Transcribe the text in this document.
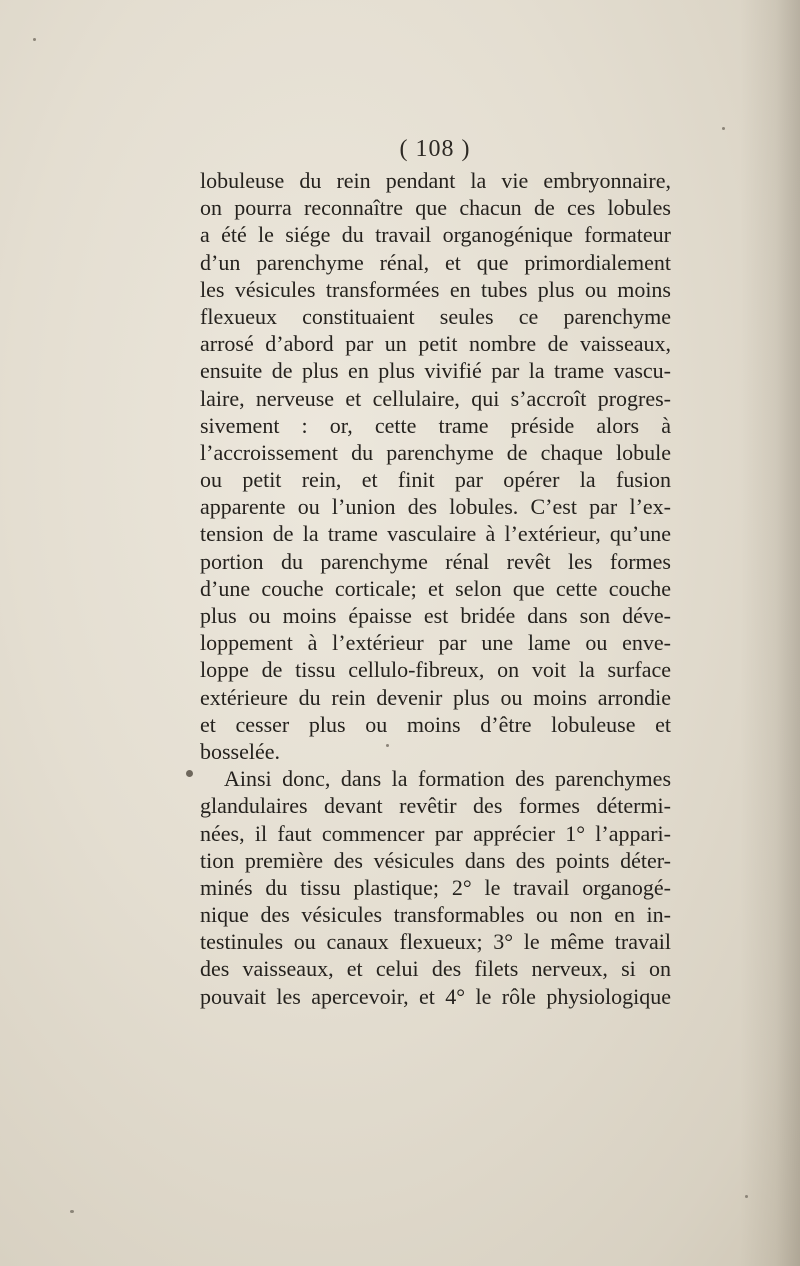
( 108 )
lobuleuse du rein pendant la vie embryonnaire,
on pourra reconnaître que chacun de ces lobules
a été le siége du travail organogénique formateur
d’un parenchyme rénal, et que primordialement
les vésicules transformées en tubes plus ou moins
flexueux constituaient seules ce parenchyme
arrosé d’abord par un petit nombre de vaisseaux,
ensuite de plus en plus vivifié par la trame vascu-
laire, nerveuse et cellulaire, qui s’accroît progres-
sivement : or, cette trame préside alors à
l’accroissement du parenchyme de chaque lobule
ou petit rein, et finit par opérer la fusion
apparente ou l’union des lobules. C’est par l’ex-
tension de la trame vasculaire à l’extérieur, qu’une
portion du parenchyme rénal revêt les formes
d’une couche corticale; et selon que cette couche
plus ou moins épaisse est bridée dans son déve-
loppement à l’extérieur par une lame ou enve-
loppe de tissu cellulo-fibreux, on voit la surface
extérieure du rein devenir plus ou moins arrondie
et cesser plus ou moins d’être lobuleuse et
bosselée.
Ainsi donc, dans la formation des parenchymes
glandulaires devant revêtir des formes détermi-
nées, il faut commencer par apprécier 1° l’appari-
tion première des vésicules dans des points déter-
minés du tissu plastique; 2° le travail organogé-
nique des vésicules transformables ou non en in-
testinules ou canaux flexueux; 3° le même travail
des vaisseaux, et celui des filets nerveux, si on
pouvait les apercevoir, et 4° le rôle physiologique
